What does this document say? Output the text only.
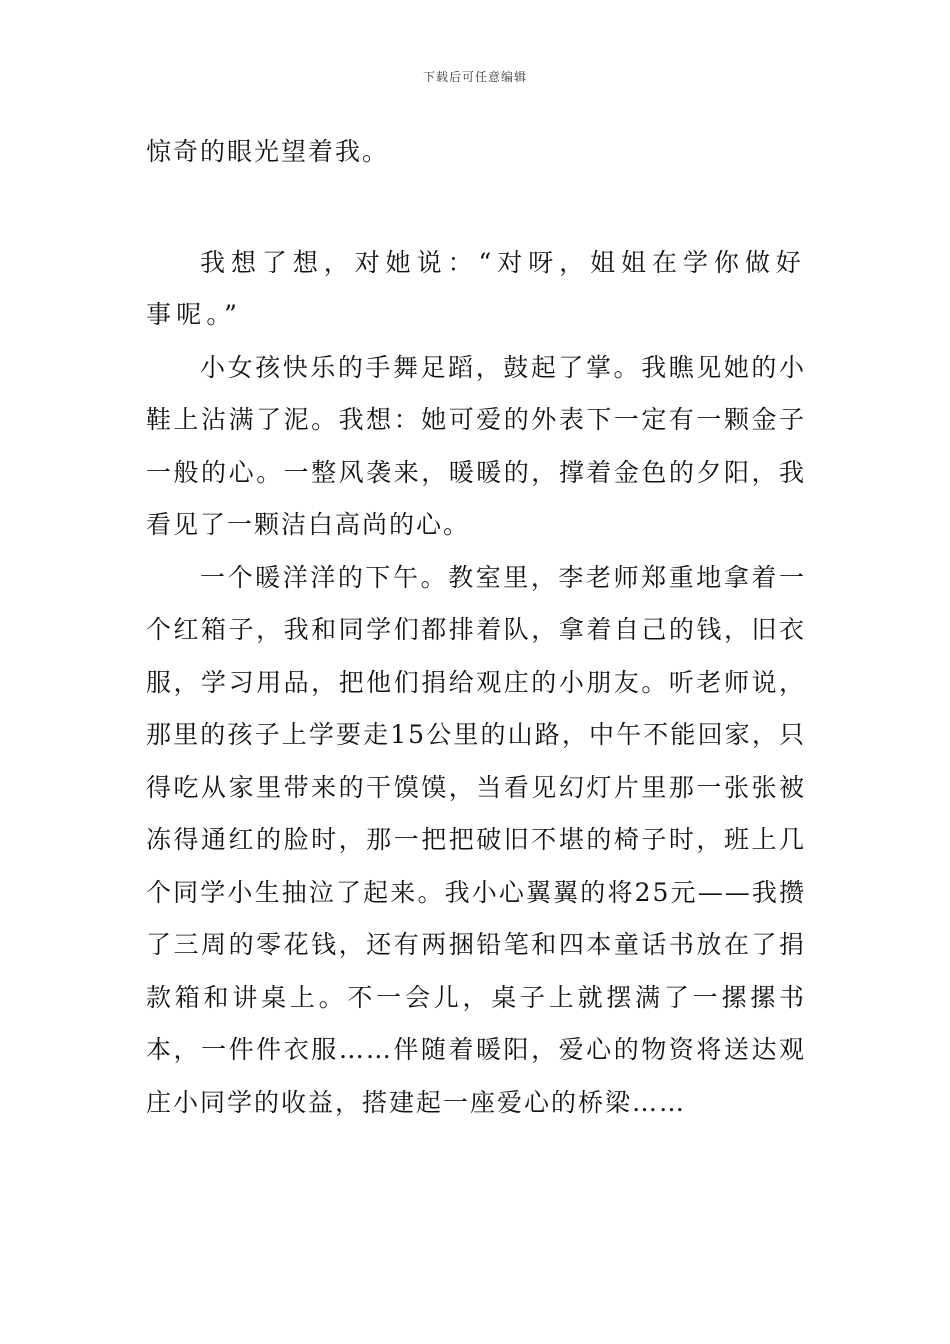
下载后可任意编辑

惊奇的眼光望着我。

我想了想，对她说：“对呀，姐姐在学你做好事呢。”

小女孩快乐的手舞足蹈，鼓起了掌。我瞧见她的小鞋上沾满了泥。我想：她可爱的外表下一定有一颗金子一般的心。一整风袭来，暖暖的，撑着金色的夕阳，我看见了一颗洁白高尚的心。

一个暖洋洋的下午。教室里，李老师郑重地拿着一个红箱子，我和同学们都排着队，拿着自己的钱，旧衣服，学习用品，把他们捐给观庄的小朋友。听老师说，那里的孩子上学要走15公里的山路，中午不能回家，只得吃从家里带来的干馍馍，当看见幻灯片里那一张张被冻得通红的脸时，那一把把破旧不堪的椅子时，班上几个同学小生抽泣了起来。我小心翼翼的将25元——我攒了三周的零花钱，还有两捆铅笔和四本童话书放在了捐款箱和讲桌上。不一会儿，桌子上就摆满了一摞摞书本，一件件衣服……伴随着暖阳，爱心的物资将送达观庄小同学的收益，搭建起一座爱心的桥梁……
